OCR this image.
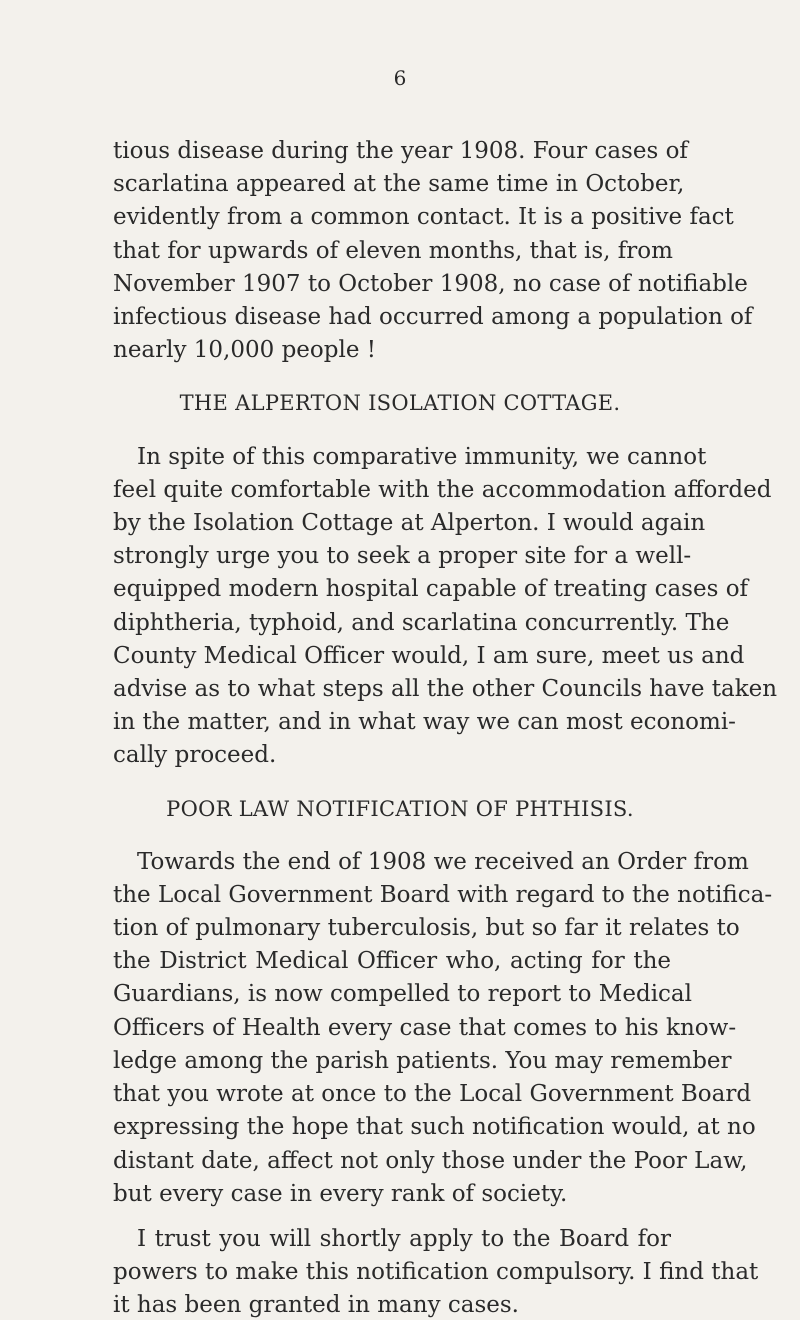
6
tious disease during the year 1908. Four cases of
scarlatina appeared at the same time in October,
evidently from a common contact. It is a positive fact
that for upwards of eleven months, that is, from
November 1907 to October 1908, no case of notifiable
infectious disease had occurred among a population of
nearly 10,000 people !
THE ALPERTON ISOLATION COTTAGE.
In spite of this comparative immunity, we cannot
feel quite comfortable with the accommodation afforded
by the Isolation Cottage at Alperton. I would again
strongly urge you to seek a proper site for a well-
equipped modern hospital capable of treating cases of
diphtheria, typhoid, and scarlatina concurrently. The
County Medical Officer would, I am sure, meet us and
advise as to what steps all the other Councils have taken
in the matter, and in what way we can most economi-
cally proceed.
POOR LAW NOTIFICATION OF PHTHISIS.
Towards the end of 1908 we received an Order from
the Local Government Board with regard to the notifica-
tion of pulmonary tuberculosis, but so far it relates to
the District Medical Officer who, acting for the
Guardians, is now compelled to report to Medical
Officers of Health every case that comes to his know-
ledge among the parish patients. You may remember
that you wrote at once to the Local Government Board
expressing the hope that such notification would, at no
distant date, affect not only those under the Poor Law,
but every case in every rank of society.
I trust you will shortly apply to the Board for
powers to make this notification compulsory. I find that
it has been granted in many cases.
